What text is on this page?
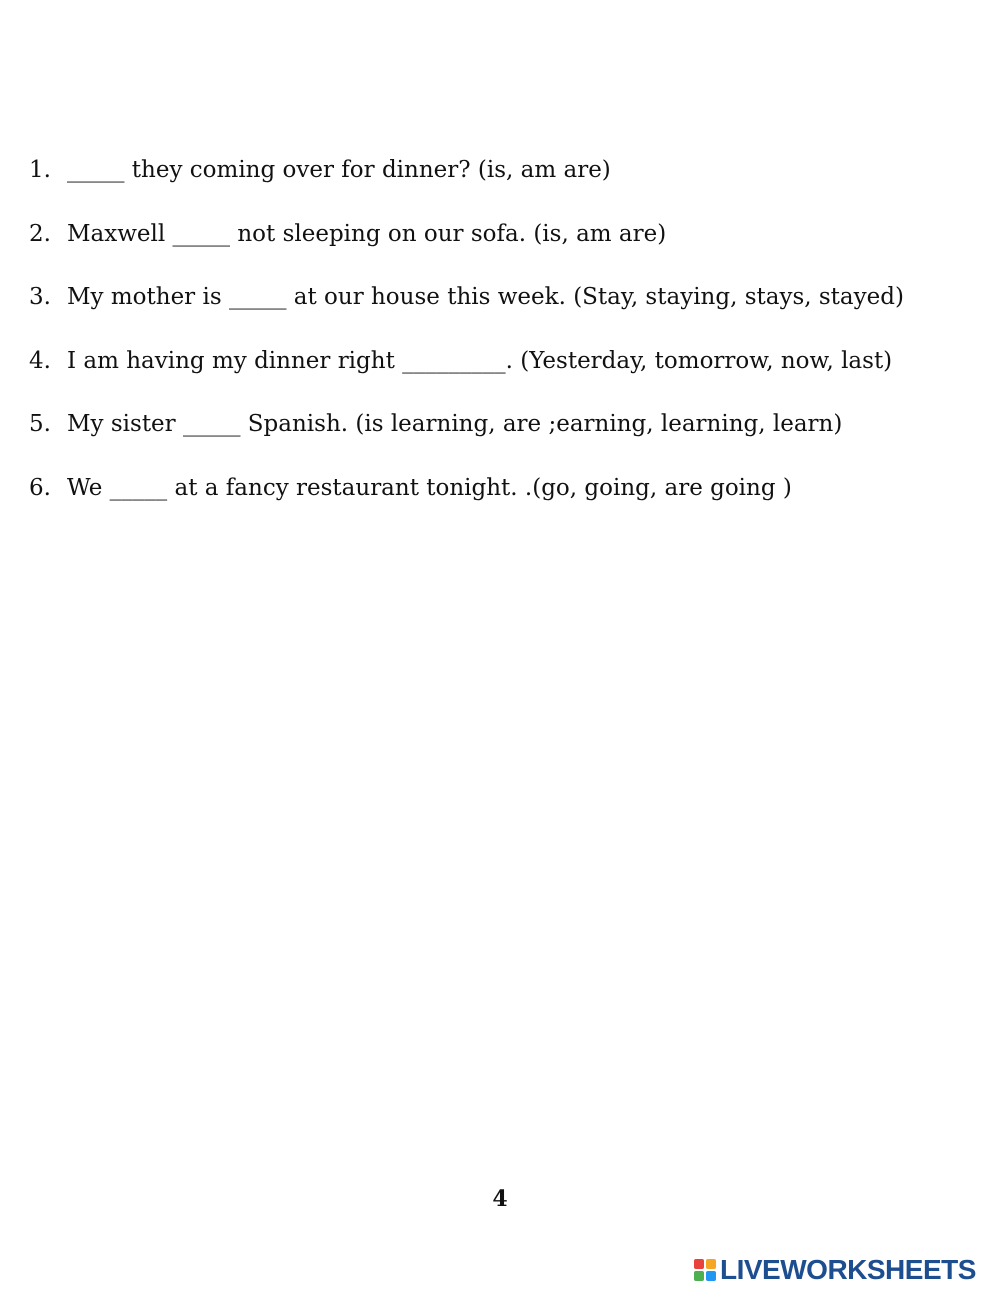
1. _____ they coming over for dinner? (is, am are)
2. Maxwell _____ not sleeping on our sofa. (is, am are)
3. My mother is _____ at our house this week. (Stay, staying, stays, stayed)
4. I am having my dinner right _________. (Yesterday, tomorrow, now, last)
5. My sister _____ Spanish. (is learning, are ;earning, learning, learn)
6. We _____ at a fancy restaurant tonight. .(go, going, are going )
4
LIVEWORKSHEETS
